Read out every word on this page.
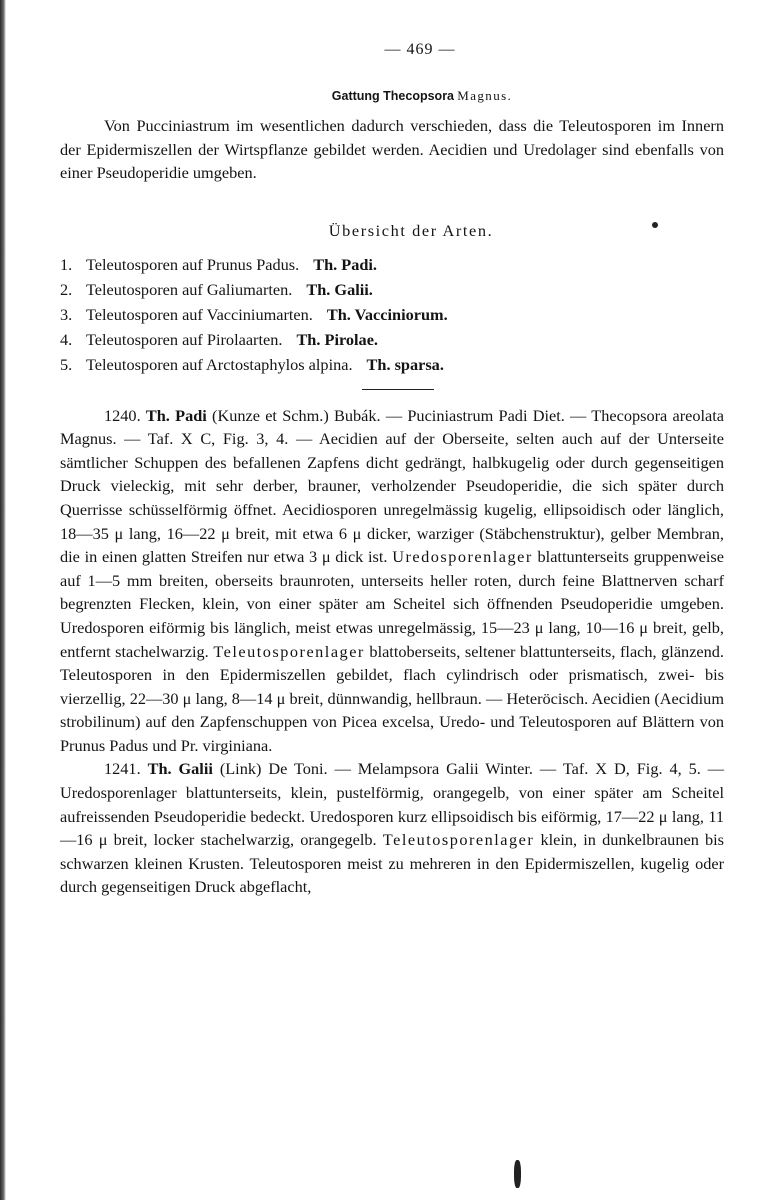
— 469 —
Gattung Thecopsora Magnus.

Von Pucciniastrum im wesentlichen dadurch verschieden, dass die Teleutosporen im Innern der Epidermiszellen der Wirtspflanze gebildet werden. Aecidien und Uredolager sind ebenfalls von einer Pseudoperidie umgeben.

Übersicht der Arten.
1. Teleutosporen auf Prunus Padus. Th. Padi.
2. Teleutosporen auf Galiumarten. Th. Galii.
3. Teleutosporen auf Vacciniumarten. Th. Vacciniorum.
4. Teleutosporen auf Pirolaarten. Th. Pirolae.
5. Teleutosporen auf Arctostaphylos alpina. Th. sparsa.

1240. Th. Padi (Kunze et Schm.) Bubák. — Puciniastrum Padi Diet. — Thecopsora areolata Magnus. — Taf. X C, Fig. 3, 4. — Aecidien auf der Oberseite, selten auch auf der Unterseite sämtlicher Schuppen des befallenen Zapfens dicht gedrängt, halbkugelig oder durch gegenseitigen Druck vieleckig, mit sehr derber, brauner, verholzender Pseudoperidie, die sich später durch Querrisse schüsselförmig öffnet. Aecidiosporen unregelmässig kugelig, ellipsoidisch oder länglich, 18—35 μ lang, 16—22 μ breit, mit etwa 6 μ dicker, warziger (Stäbchenstruktur), gelber Membran, die in einen glatten Streifen nur etwa 3 μ dick ist. Uredosporenlager blattunterseits gruppenweise auf 1—5 mm breiten, oberseits braunroten, unterseits heller roten, durch feine Blattnerven scharf begrenzten Flecken, klein, von einer später am Scheitel sich öffnenden Pseudoperidie umgeben. Uredosporen eiförmig bis länglich, meist etwas unregelmässig, 15—23 μ lang, 10—16 μ breit, gelb, entfernt stachelwarzig. Teleutosporenlager blattoberseits, seltener blattunterseits, flach, glänzend. Teleutosporen in den Epidermiszellen gebildet, flach cylindrisch oder prismatisch, zwei- bis vierzellig, 22—30 μ lang, 8—14 μ breit, dünnwandig, hellbraun. — Heteröcisch. Aecidien (Aecidium strobilinum) auf den Zapfenschuppen von Picea excelsa, Uredo- und Teleutosporen auf Blättern von Prunus Padus und Pr. virginiana.

1241. Th. Galii (Link) De Toni. — Melampsora Galii Winter. — Taf. X D, Fig. 4, 5. — Uredosporenlager blattunterseits, klein, pustelförmig, orangegelb, von einer später am Scheitel aufreissenden Pseudoperidie bedeckt. Uredosporen kurz ellipsoidisch bis eiförmig, 17—22 μ lang, 11—16 μ breit, locker stachelwarzig, orangegelb. Teleutosporenlager klein, in dunkelbraunen bis schwarzen kleinen Krusten. Teleutosporen meist zu mehreren in den Epidermiszellen, kugelig oder durch gegenseitigen Druck abgeflacht,
